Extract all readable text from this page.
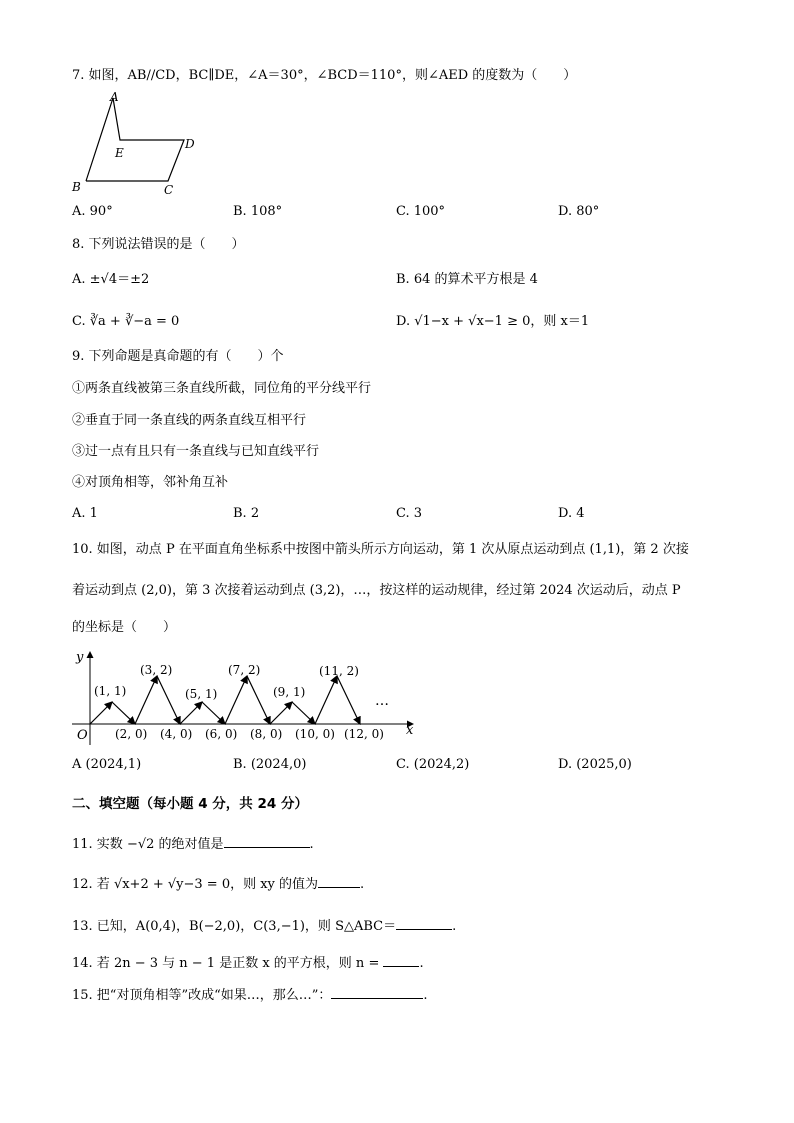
7. 如图，AB//CD，BC∥DE，∠A＝30°，∠BCD＝110°，则∠AED 的度数为（　　）
A
E
D
B	C
A. 90°	B. 108°	C. 100°	D. 80°
8. 下列说法错误的是（　　）
A. ±√4＝±2	B. 64 的算术平方根是 4
C. ∛a + ∛−a = 0	D. √1−x + √x−1 ≥ 0，则 x＝1
9. 下列命题是真命题的有（　　）个
①两条直线被第三条直线所截，同位角的平分线平行
②垂直于同一条直线的两条直线互相平行
③过一点有且只有一条直线与已知直线平行
④对顶角相等，邻补角互补
A. 1	B. 2	C. 3	D. 4
10. 如图，动点 P 在平面直角坐标系中按图中箭头所示方向运动，第 1 次从原点运动到点 (1,1)，第 2 次接
着运动到点 (2,0)，第 3 次接着运动到点 (3,2)，…，按这样的运动规律，经过第 2024 次运动后，动点 P
的坐标是（　　）
y
x
O
(1, 1)
(3, 2)
(5, 1)
(7, 2)
(9, 1)
(11, 2)
…
(2, 0) (4, 0) (6, 0) (8, 0) (10, 0) (12, 0)
A (2024,1)	B. (2024,0)	C. (2024,2)	D. (2025,0)
二、填空题（每小题 4 分，共 24 分）
11. 实数 −√2 的绝对值是	.
12. 若 √x+2 + √y−3 = 0，则 xy 的值为	.
13. 已知，A(0,4)，B(−2,0)，C(3,−1)，则 S△ABC＝	.
14. 若 2n − 3 与 n − 1 是正数 x 的平方根，则 n =	.
15. 把“对顶角相等”改成“如果…，那么…”：	.
